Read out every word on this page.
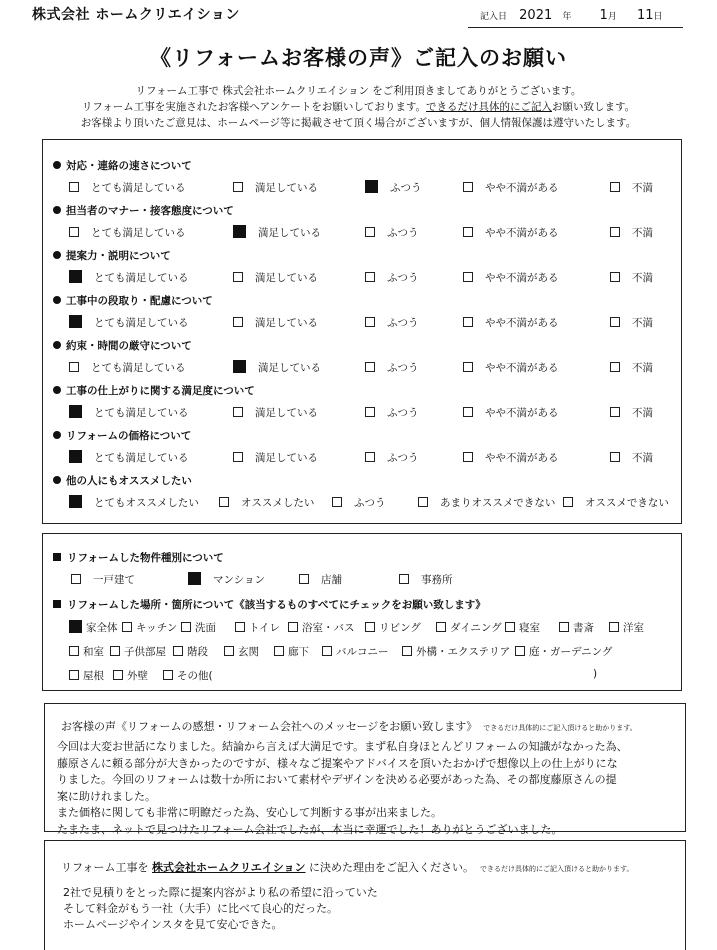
株式会社 ホームクリエイション	記入日 2021 年 1月 11日
《リフォームお客様の声》ご記入のお願い
リフォーム工事で 株式会社ホームクリエイション をご利用頂きましてありがとうございます。
リフォーム工事を実施されたお客様へアンケートをお願いしております。できるだけ具体的にご記入お願い致します。
お客様より頂いたご意見は、ホームページ等に掲載させて頂く場合がございますが、個人情報保護は遵守いたします。
対応・連絡の速さについて
とても満足している	満足している	ふつう	やや不満がある	不満
担当者のマナー・接客態度について
とても満足している	満足している	ふつう	やや不満がある	不満
提案力・説明について
とても満足している	満足している	ふつう	やや不満がある	不満
工事中の段取り・配慮について
とても満足している	満足している	ふつう	やや不満がある	不満
約束・時間の厳守について
とても満足している	満足している	ふつう	やや不満がある	不満
工事の仕上がりに関する満足度について
とても満足している	満足している	ふつう	やや不満がある	不満
リフォームの価格について
とても満足している	満足している	ふつう	やや不満がある	不満
他の人にもオススメしたい
とてもオススメしたい	オススメしたい	ふつう	あまりオススメできない	オススメできない
リフォームした物件種別について
一戸建て	マンション	店舗	事務所
リフォームした場所・箇所について《該当するものすべてにチェックをお願い致します》
家全体	キッチン	洗面	トイレ	浴室・バス	リビング	ダイニング	寝室	書斎	洋室
和室	子供部屋	階段	玄関	廊下	バルコニー	外構・エクステリア	庭・ガーデニング
屋根	外壁	その他(	)
お客様の声《リフォームの感想・リフォーム会社へのメッセージをお願い致します》 できるだけ具体的にご記入頂けると助かります。
今回は大変お世話になりました。結論から言えば大満足です。まず私自身ほとんどリフォームの知識がなかった為、
藤原さんに頼る部分が大きかったのですが、様々なご提案やアドバイスを頂いたおかげで想像以上の仕上がりにな
りました。今回のリフォームは数十か所において素材やデザインを決める必要があった為、その都度藤原さんの提
案に助けれました。
また価格に関しても非常に明瞭だった為、安心して判断する事が出来ました。
たまたま、ネットで見つけたリフォーム会社でしたが、本当に幸運でした！ありがとうございました。
リフォーム工事を 株式会社ホームクリエイション に決めた理由をご記入ください。 できるだけ具体的にご記入頂けると助かります。
2社で見積りをとった際に提案内容がより私の希望に沿っていた
そして料金がもう一社（大手）に比べて良心的だった。
ホームページやインスタを見て安心できた。
